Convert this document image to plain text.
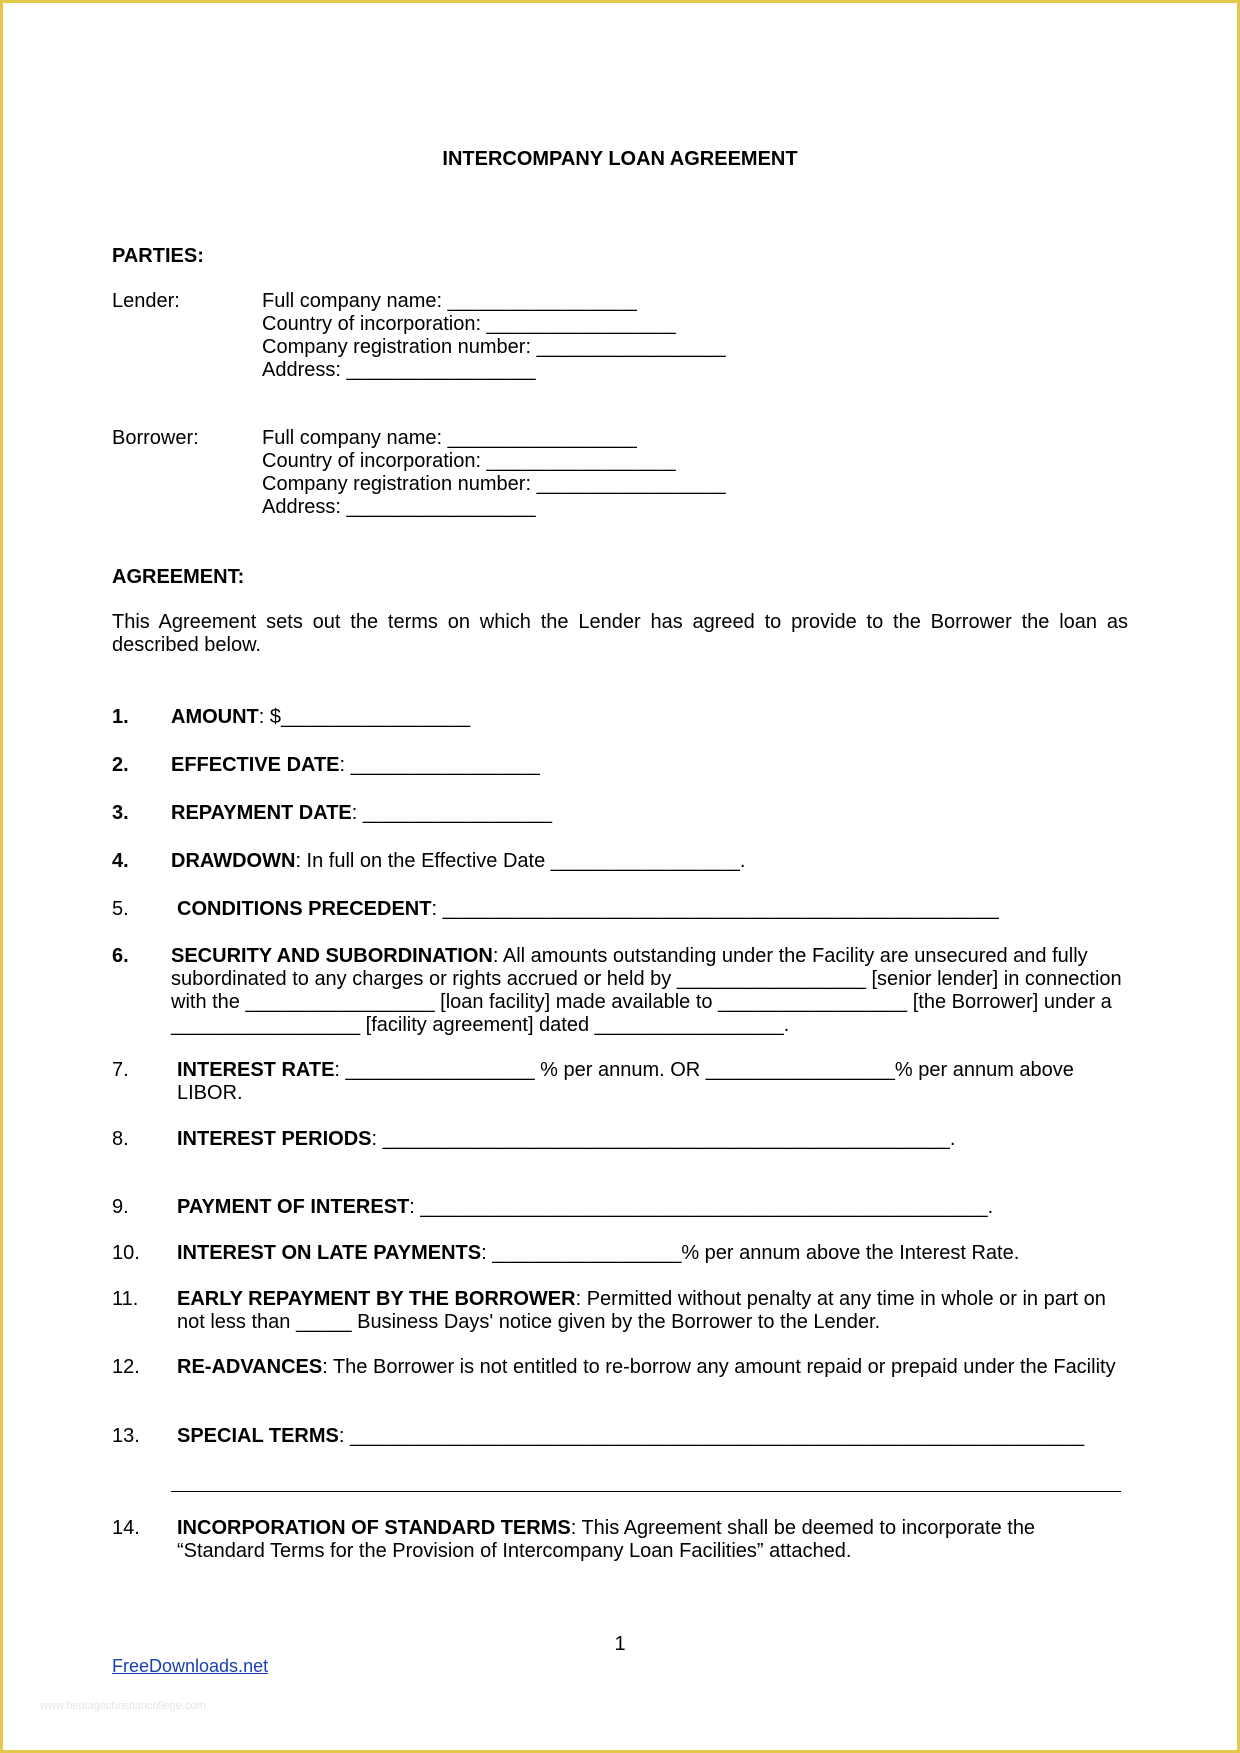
INTERCOMPANY LOAN AGREEMENT
PARTIES:
Lender:	Full company name: _________________
Country of incorporation: _________________
Company registration number: _________________
Address: _________________
Borrower:	Full company name: _________________
Country of incorporation: _________________
Company registration number: _________________
Address: _________________
AGREEMENT:
This Agreement sets out the terms on which the Lender has agreed to provide to the Borrower the loan as described below.
1. AMOUNT: $_________________
2. EFFECTIVE DATE: _________________
3. REPAYMENT DATE: _________________
4. DRAWDOWN: In full on the Effective Date _________________.
5. CONDITIONS PRECEDENT: __________________________________________________
6. SECURITY AND SUBORDINATION: All amounts outstanding under the Facility are unsecured and fully subordinated to any charges or rights accrued or held by _________________ [senior lender] in connection with the _________________ [loan facility] made available to _________________ [the Borrower] under a _________________ [facility agreement] dated _________________.
7. INTEREST RATE: _________________ % per annum. OR _________________% per annum above LIBOR.
8. INTEREST PERIODS: ___________________________________________________.
9. PAYMENT OF INTEREST: ___________________________________________________.
10. INTEREST ON LATE PAYMENTS: _________________% per annum above the Interest Rate.
11. EARLY REPAYMENT BY THE BORROWER: Permitted without penalty at any time in whole or in part on not less than _____ Business Days' notice given by the Borrower to the Lender.
12. RE-ADVANCES: The Borrower is not entitled to re-borrow any amount repaid or prepaid under the Facility
13. SPECIAL TERMS: __________________________________________________________________
14. INCORPORATION OF STANDARD TERMS: This Agreement shall be deemed to incorporate the “Standard Terms for the Provision of Intercompany Loan Facilities” attached.
1
FreeDownloads.net
www.heritagechristiancollege.com
